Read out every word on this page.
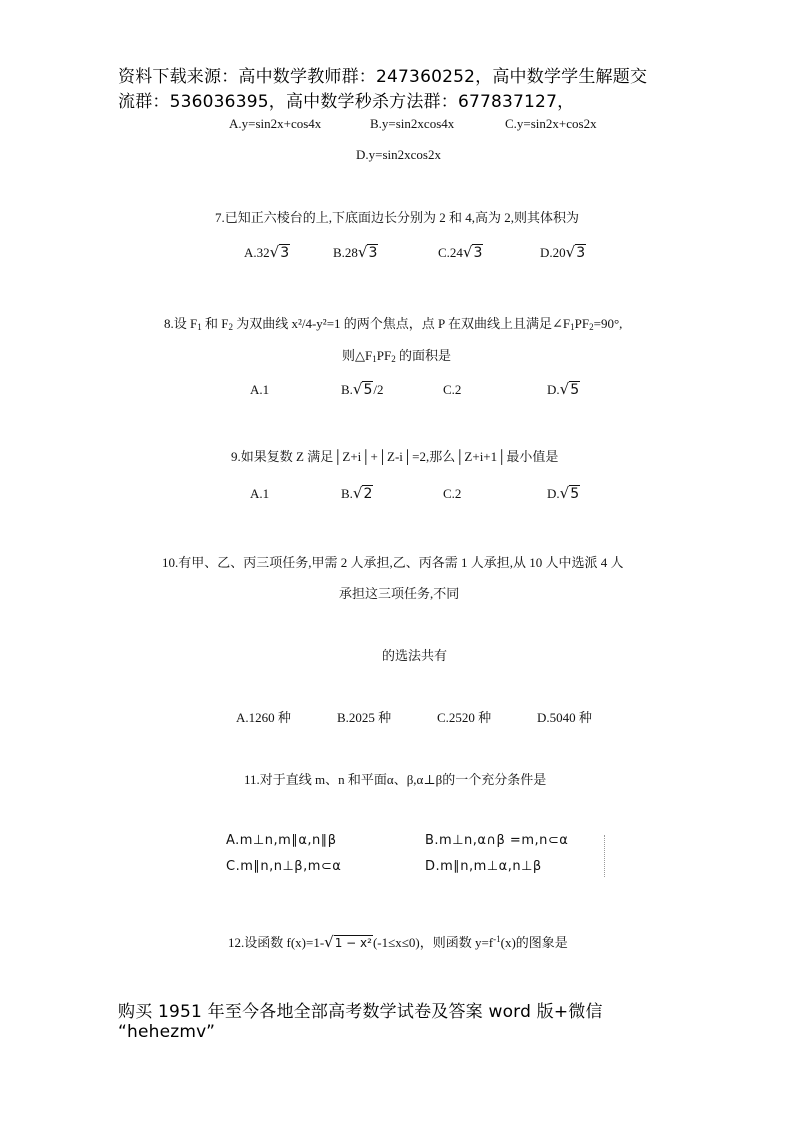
资料下载来源：高中数学教师群：247360252，高中数学学生解题交
流群：536036395，高中数学秒杀方法群：677837127，
A.y=sin2x+cos4x	B.y=sin2xcos4x	C.y=sin2x+cos2x
D.y=sin2xcos2x
7.已知正六棱台的上,下底面边长分别为 2 和 4,高为 2,则其体积为
A.32√3	B.28√3	C.24√3	D.20√3
8.设 $F_1$ 和 $F_2$ 为双曲线 x²/4-y²=1 的两个焦点，点 P 在双曲线上且满足$\angle F_1PF_2=90^\circ$,
则$\triangle F_1PF_2$ 的面积是
A.1	B.√5/2	C.2	D.√5
9.如果复数 Z 满足│Z+i│+│Z-i│=2,那么│Z+i+1│最小值是
A.1	B.√2	C.2	D.√5
10.有甲、乙、丙三项任务,甲需 2 人承担,乙、丙各需 1 人承担,从 10 人中选派 4 人
承担这三项任务,不同
的选法共有
A.1260 种	B.2025 种	C.2520 种	D.5040 种
11.对于直线 m、n 和平面α、β,α⊥β的一个充分条件是
A.m⊥n,m∥α,n∥β	B.m⊥n,α∩β =m,n⊂α
C.m∥n,n⊥β,m⊂α	D.m∥n,m⊥α,n⊥β
12.设函数 f(x)=1-√1 − x²(-1≤x≤0)，则函数 $y=f^{-1}(x)$的图象是
购买 1951 年至今各地全部高考数学试卷及答案 word 版+微信
“hehezmv”
